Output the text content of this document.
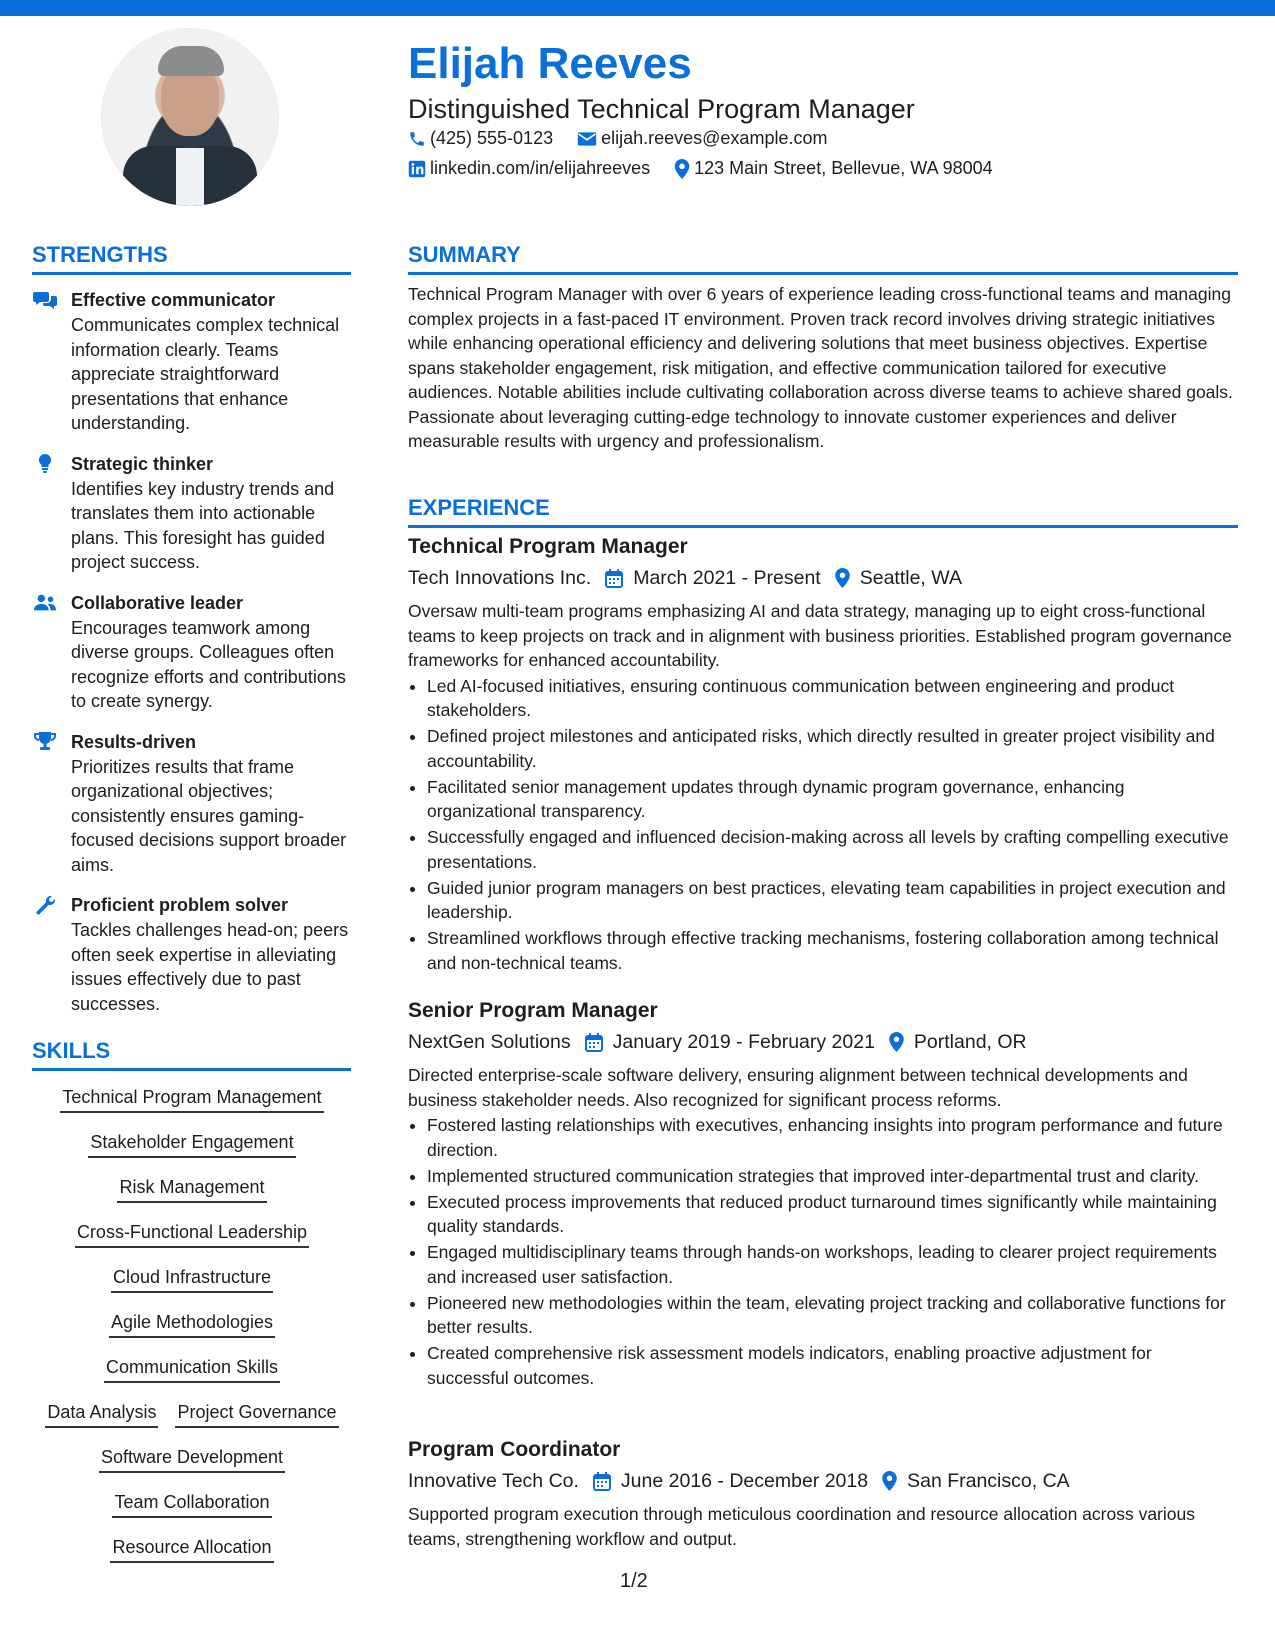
Elijah Reeves
Distinguished Technical Program Manager
(425) 555-0123	elijah.reeves@example.com
linkedin.com/in/elijahreeves 123 Main Street, Bellevue, WA 98004
STRENGTHS
Effective communicator
Communicates complex technical information clearly. Teams appreciate straightforward presentations that enhance understanding.
Strategic thinker
Identifies key industry trends and translates them into actionable plans. This foresight has guided project success.
Collaborative leader
Encourages teamwork among diverse groups. Colleagues often recognize efforts and contributions to create synergy.
Results-driven
Prioritizes results that frame organizational objectives; consistently ensures gaming-focused decisions support broader aims.
Proficient problem solver
Tackles challenges head-on; peers often seek expertise in alleviating issues effectively due to past successes.
SKILLS
Technical Program Management
Stakeholder Engagement
Risk Management
Cross-Functional Leadership
Cloud Infrastructure
Agile Methodologies
Communication Skills
Data Analysis Project Governance
Software Development
Team Collaboration
Resource Allocation
SUMMARY
Technical Program Manager with over 6 years of experience leading cross-functional teams and managing complex projects in a fast-paced IT environment. Proven track record involves driving strategic initiatives while enhancing operational efficiency and delivering solutions that meet business objectives. Expertise spans stakeholder engagement, risk mitigation, and effective communication tailored for executive audiences. Notable abilities include cultivating collaboration across diverse teams to achieve shared goals. Passionate about leveraging cutting-edge technology to innovate customer experiences and deliver measurable results with urgency and professionalism.
EXPERIENCE
Technical Program Manager
Tech Innovations Inc. March 2021 - Present Seattle, WA
Oversaw multi-team programs emphasizing AI and data strategy, managing up to eight cross-functional teams to keep projects on track and in alignment with business priorities. Established program governance frameworks for enhanced accountability.
• Led AI-focused initiatives, ensuring continuous communication between engineering and product stakeholders.
• Defined project milestones and anticipated risks, which directly resulted in greater project visibility and accountability.
• Facilitated senior management updates through dynamic program governance, enhancing organizational transparency.
• Successfully engaged and influenced decision-making across all levels by crafting compelling executive presentations.
• Guided junior program managers on best practices, elevating team capabilities in project execution and leadership.
• Streamlined workflows through effective tracking mechanisms, fostering collaboration among technical and non-technical teams.
Senior Program Manager
NextGen Solutions January 2019 - February 2021 Portland, OR
Directed enterprise-scale software delivery, ensuring alignment between technical developments and business stakeholder needs. Also recognized for significant process reforms.
• Fostered lasting relationships with executives, enhancing insights into program performance and future direction.
• Implemented structured communication strategies that improved inter-departmental trust and clarity.
• Executed process improvements that reduced product turnaround times significantly while maintaining quality standards.
• Engaged multidisciplinary teams through hands-on workshops, leading to clearer project requirements and increased user satisfaction.
• Pioneered new methodologies within the team, elevating project tracking and collaborative functions for better results.
• Created comprehensive risk assessment models indicators, enabling proactive adjustment for successful outcomes.
Program Coordinator
Innovative Tech Co. June 2016 - December 2018 San Francisco, CA
Supported program execution through meticulous coordination and resource allocation across various teams, strengthening workflow and output.
1/2
